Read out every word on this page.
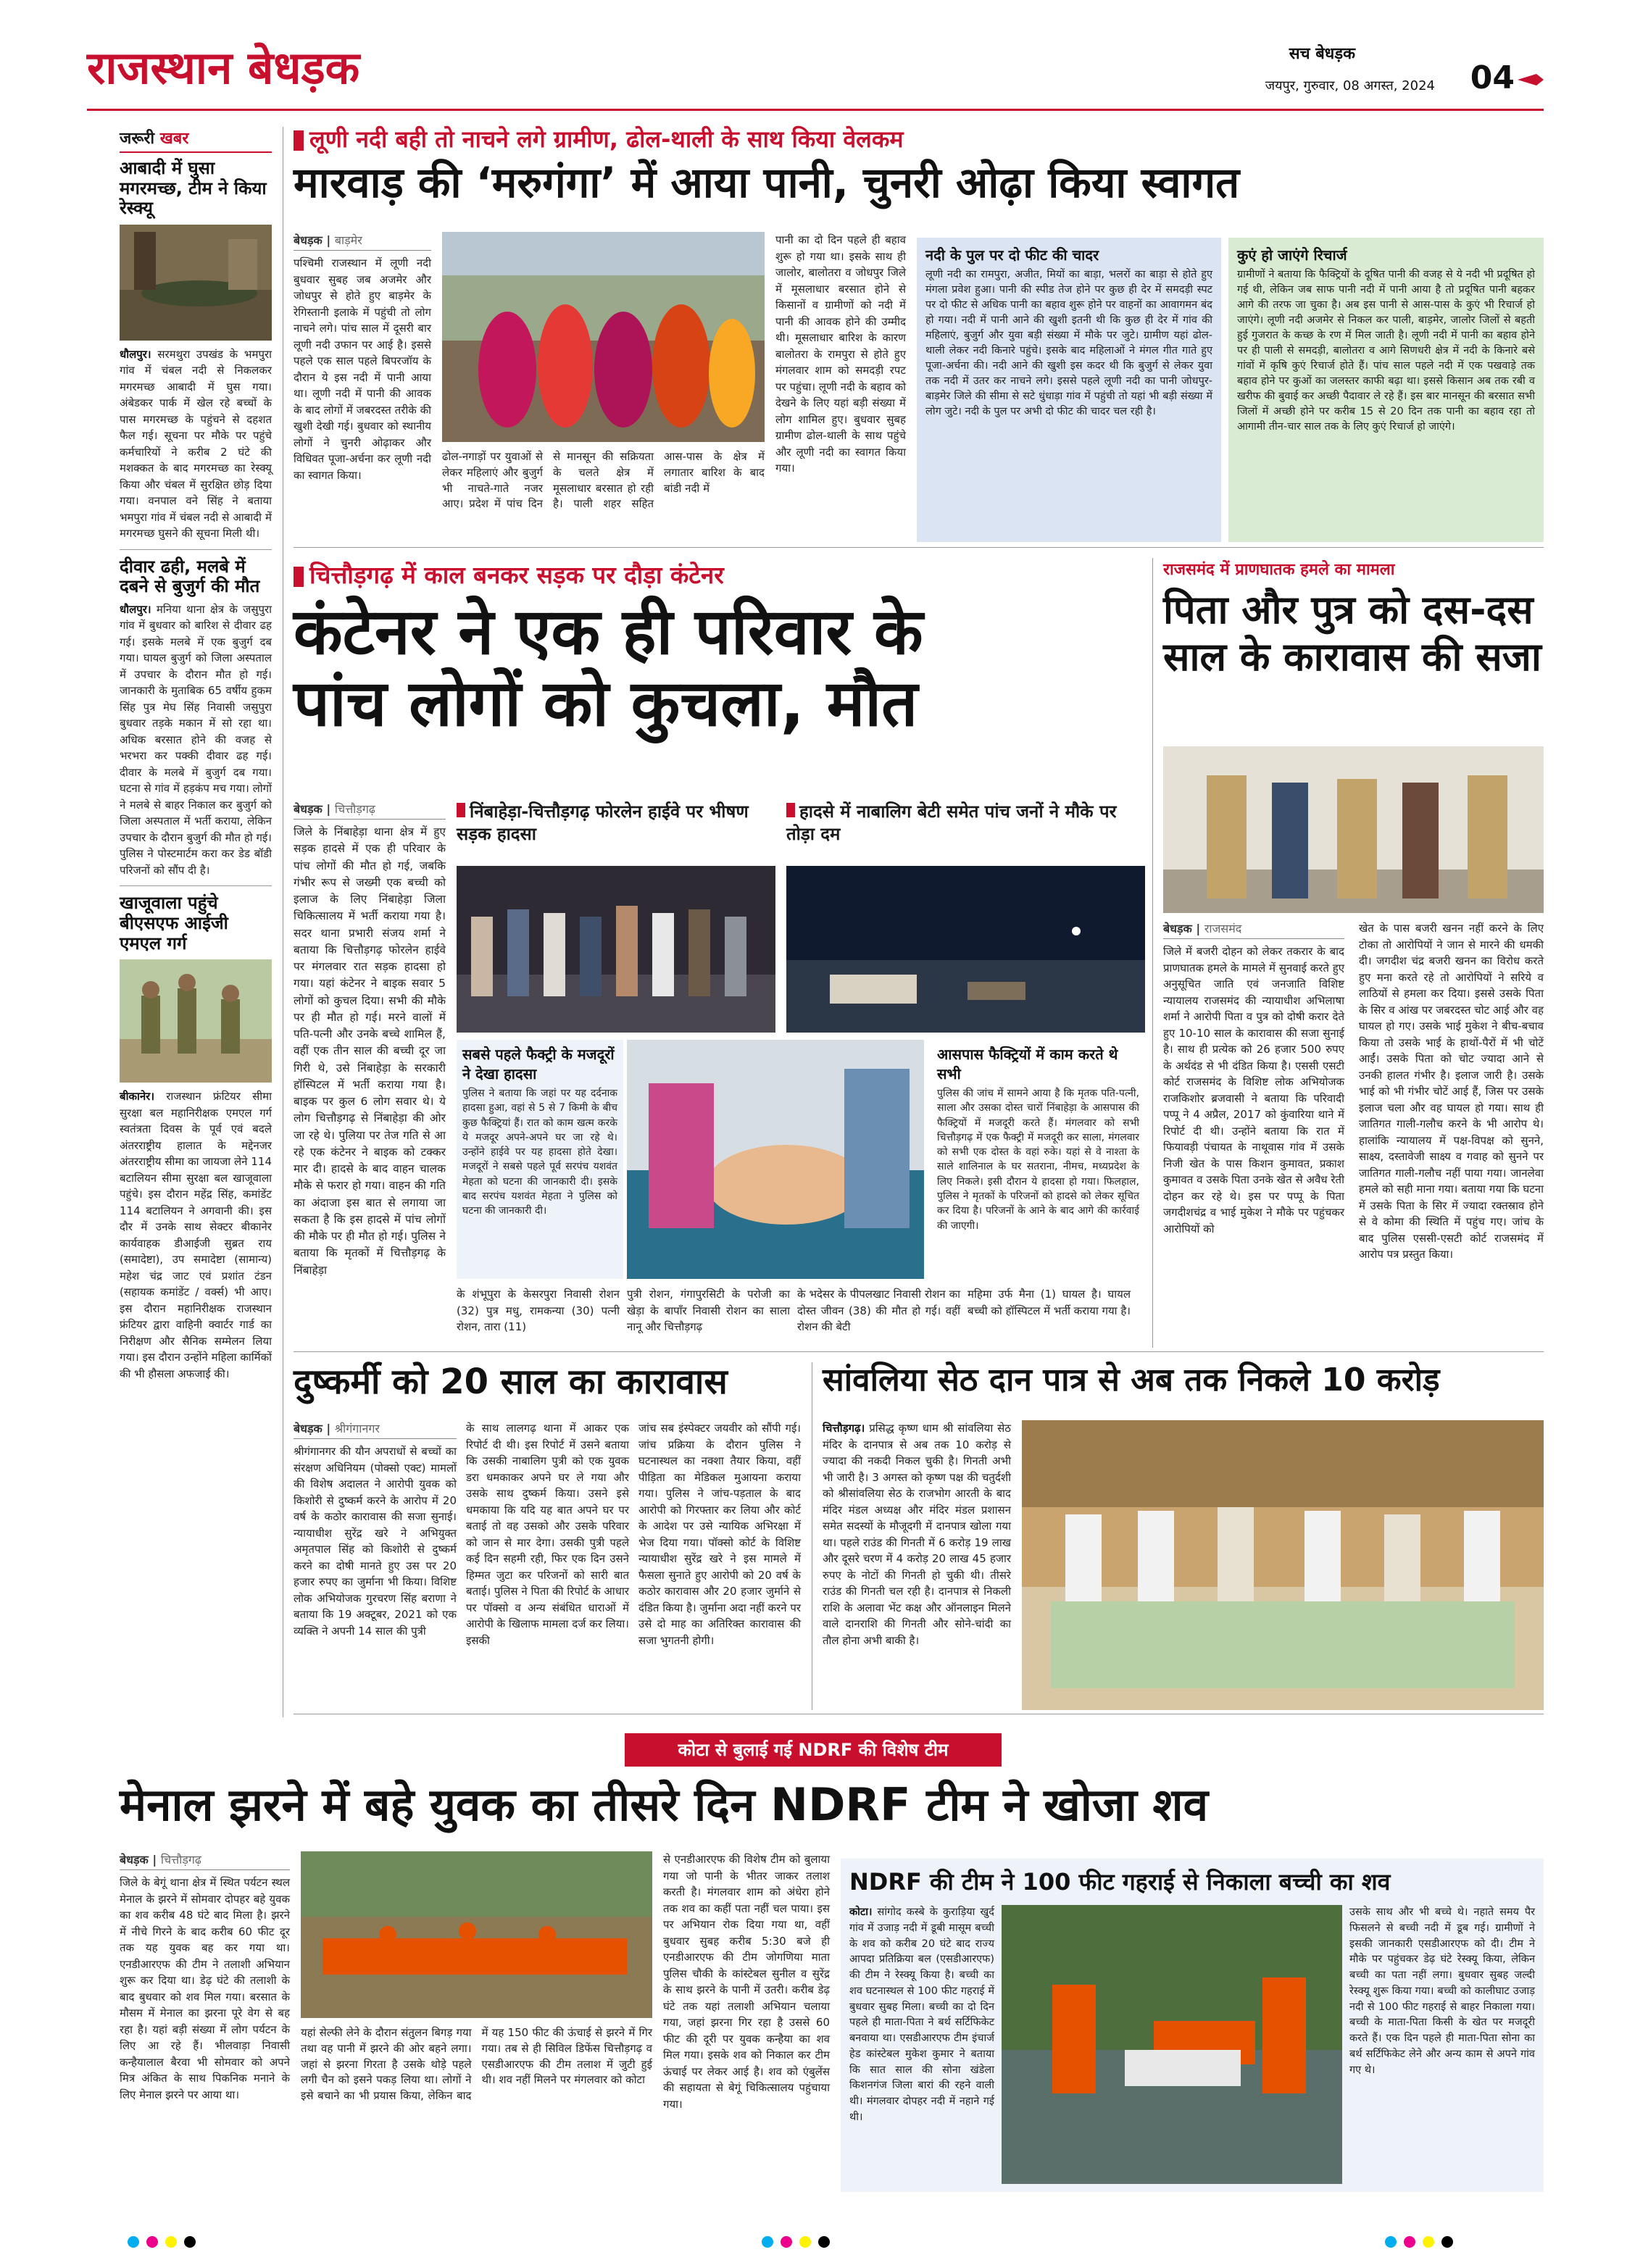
राजस्थान बेधड़क	सच बेधड़क
जयपुर, गुरुवार, 08 अगस्त, 2024 04
जरूरी खबर
आबादी में घुसा मगरमच्छ, टीम ने किया रेस्क्यू
धौलपुर। सरमथुरा उपखंड के भमपुरा गांव में चंबल नदी से निकलकर मगरमच्छ आबादी में घुस गया। अंबेडकर पार्क में खेल रहे बच्चों के पास मगरमच्छ के पहुंचने से दहशत फैल गई। सूचना पर मौके पर पहुंचे कर्मचारियों ने करीब 2 घंटे की मशक्कत के बाद मगरमच्छ का रेस्क्यू किया और चंबल में सुरक्षित छोड़ दिया गया। वनपाल वने सिंह ने बताया भमपुरा गांव में चंबल नदी से आबादी में मगरमच्छ घुसने की सूचना मिली थी।
दीवार ढही, मलबे में दबने से बुजुर्ग की मौत
धौलपुर। मनिया थाना क्षेत्र के जसुपुरा गांव में बुधवार को बारिश से दीवार ढह गई। इसके मलबे में एक बुजुर्ग दब गया। घायल बुजुर्ग को जिला अस्पताल में उपचार के दौरान मौत हो गई। जानकारी के मुताबिक 65 वर्षीय हुकम सिंह पुत्र मेघ सिंह निवासी जसुपुरा बुधवार तड़के मकान में सो रहा था। अधिक बरसात होने की वजह से भरभरा कर पक्की दीवार ढह गई। दीवार के मलबे में बुजुर्ग दब गया। घटना से गांव में हड़कंप मच गया। लोगों ने मलबे से बाहर निकाल कर बुजुर्ग को जिला अस्पताल में भर्ती कराया, लेकिन उपचार के दौरान बुजुर्ग की मौत हो गई। पुलिस ने पोस्टमार्टम करा कर डेड बॉडी परिजनों को सौंप दी है।
खाजूवाला पहुंचे बीएसएफ आईजी एमएल गर्ग
बीकानेर। राजस्थान फ्रंटियर सीमा सुरक्षा बल महानिरीक्षक एमएल गर्ग स्वतंत्रता दिवस के पूर्व एवं बदले अंतरराष्ट्रीय हालात के मद्देनजर अंतरराष्ट्रीय सीमा का जायजा लेने 114 बटालियन सीमा सुरक्षा बल खाजूवाला पहुंचे। इस दौरान महेंद्र सिंह, कमांडेंट 114 बटालियन ने अगवानी की। इस दौर में उनके साथ सेक्टर बीकानेर कार्यवाहक डीआईजी सुब्रत राय (समादेष्टा), उप समादेष्टा (सामान्य) महेश चंद्र जाट एवं प्रशांत टंडन (सहायक कमांडेंट / वर्क्स) भी आए। इस दौरान महानिरीक्षक राजस्थान फ्रंटियर द्वारा वाहिनी क्वार्टर गार्ड का निरीक्षण और सैनिक सम्मेलन लिया गया। इस दौरान उन्होंने महिला कार्मिकों की भी हौसला अफजाई की।
लूणी नदी बही तो नाचने लगे ग्रामीण, ढोल-थाली के साथ किया वेलकम
मारवाड़ की ‘मरुगंगा’ में आया पानी, चुनरी ओढ़ा किया स्वागत
बेधड़क | बाड़मेर
पश्चिमी राजस्थान में लूणी नदी बुधवार सुबह जब अजमेर और जोधपुर से होते हुए बाड़मेर के रेगिस्तानी इलाके में पहुंची तो लोग नाचने लगे। पांच साल में दूसरी बार लूणी नदी उफान पर आई है। इससे पहले एक साल पहले बिपरजॉय के दौरान ये इस नदी में पानी आया था। लूणी नदी में पानी की आवक के बाद लोगों में जबरदस्त तरीके की खुशी देखी गई। बुधवार को स्थानीय लोगों ने चुनरी ओढ़ाकर और विधिवत पूजा-अर्चना कर लूणी नदी का स्वागत किया।
ढोल-नगाड़ों पर युवाओं से लेकर महिलाएं और बुजुर्ग भी नाचते-गाते नजर आए। प्रदेश में पांच दिन से मानसून की सक्रियता के चलते क्षेत्र में मूसलाधार बरसात हो रही है। पाली शहर सहित आस-पास के क्षेत्र में लगातार बारिश के बाद बांडी नदी में
पानी का दो दिन पहले ही बहाव शुरू हो गया था। इसके साथ ही जालोर, बालोतरा व जोधपुर जिले में मूसलाधार बरसात होने से किसानों व ग्रामीणों को नदी में पानी की आवक होने की उम्मीद थी। मूसलाधार बारिश के कारण बालोतरा के रामपुरा से होते हुए मंगलवार शाम को समदड़ी रपट पर पहुंचा। लूणी नदी के बहाव को देखने के लिए यहां बड़ी संख्या में लोग शामिल हुए। बुधवार सुबह ग्रामीण ढोल-थाली के साथ पहुंचे और लूणी नदी का स्वागत किया गया।
नदी के पुल पर दो फीट की चादर
लूणी नदी का रामपुरा, अजीत, मियों का बाड़ा, भलरों का बाड़ा से होते हुए मंगला प्रवेश हुआ। पानी की स्पीड तेज होने पर कुछ ही देर में समदड़ी स्पट पर दो फीट से अधिक पानी का बहाव शुरू होने पर वाहनों का आवागमन बंद हो गया। नदी में पानी आने की खुशी इतनी थी कि कुछ ही देर में गांव की महिलाएं, बुजुर्ग और युवा बड़ी संख्या में मौके पर जुटे। ग्रामीण यहां ढोल-थाली लेकर नदी किनारे पहुंचे। इसके बाद महिलाओं ने मंगल गीत गाते हुए पूजा-अर्चना की। नदी आने की खुशी इस कदर थी कि बुजुर्ग से लेकर युवा तक नदी में उतर कर नाचने लगे। इससे पहले लूणी नदी का पानी जोधपुर-बाड़मेर जिले की सीमा से सटे धुंधाड़ा गांव में पहुंची तो यहां भी बड़ी संख्या में लोग जुटे। नदी के पुल पर अभी दो फीट की चादर चल रही है।
कुएं हो जाएंगे रिचार्ज
ग्रामीणों ने बताया कि फैक्ट्रियों के दूषित पानी की वजह से ये नदी भी प्रदूषित हो गई थी, लेकिन जब साफ पानी नदी में पानी आया है तो प्रदूषित पानी बहकर आगे की तरफ जा चुका है। अब इस पानी से आस-पास के कुएं भी रिचार्ज हो जाएंगे। लूणी नदी अजमेर से निकल कर पाली, बाड़मेर, जालोर जिलों से बहती हुई गुजरात के कच्छ के रण में मिल जाती है। लूणी नदी में पानी का बहाव होने पर ही पाली से समदड़ी, बालोतरा व आगे सिणधरी क्षेत्र में नदी के किनारे बसे गांवों में कृषि कुएं रिचार्ज होते हैं। पांच साल पहले नदी में एक पखवाड़े तक बहाव होने पर कुओं का जलस्तर काफी बढ़ा था। इससे किसान अब तक रबी व खरीफ की बुवाई कर अच्छी पैदावार ले रहे हैं। इस बार मानसून की बरसात सभी जिलों में अच्छी होने पर करीब 15 से 20 दिन तक पानी का बहाव रहा तो आगामी तीन-चार साल तक के लिए कुएं रिचार्ज हो जाएंगे।
चित्तौड़गढ़ में काल बनकर सड़क पर दौड़ा कंटेनर
कंटेनर ने एक ही परिवार के
पांच लोगों को कुचला, मौत
बेधड़क | चित्तौड़गढ़
जिले के निंबाहेड़ा थाना क्षेत्र में हुए सड़क हादसे में एक ही परिवार के पांच लोगों की मौत हो गई, जबकि गंभीर रूप से जख्मी एक बच्ची को इलाज के लिए निंबाहेड़ा जिला चिकित्सालय में भर्ती कराया गया है। सदर थाना प्रभारी संजय शर्मा ने बताया कि चित्तौड़गढ़ फोरलेन हाईवे पर मंगलवार रात सड़क हादसा हो गया। यहां कंटेनर ने बाइक सवार 5 लोगों को कुचल दिया। सभी की मौके पर ही मौत हो गई। मरने वालों में पति-पत्नी और उनके बच्चे शामिल हैं, वहीं एक तीन साल की बच्ची दूर जा गिरी थे, उसे निंबाहेड़ा के सरकारी हॉस्पिटल में भर्ती कराया गया है। बाइक पर कुल 6 लोग सवार थे। ये लोग चित्तौड़गढ़ से निंबाहेड़ा की ओर जा रहे थे। पुलिया पर तेज गति से आ रहे एक कंटेनर ने बाइक को टक्कर मार दी। हादसे के बाद वाहन चालक मौके से फरार हो गया। वाहन की गति का अंदाजा इस बात से लगाया जा सकता है कि इस हादसे में पांच लोगों की मौके पर ही मौत हो गई। पुलिस ने बताया कि मृतकों में चित्तौड़गढ़ के निंबाहेड़ा
निंबाहेड़ा-चित्तौड़गढ़ फोरलेन हाईवे पर भीषण सड़क हादसा
हादसे में नाबालिग बेटी समेत पांच जनों ने मौके पर तोड़ा दम
सबसे पहले फैक्ट्री के मजदूरों ने देखा हादसा
पुलिस ने बताया कि जहां पर यह दर्दनाक हादसा हुआ, वहां से 5 से 7 किमी के बीच कुछ फैक्ट्रियां हैं। रात को काम खत्म करके ये मजदूर अपने-अपने घर जा रहे थे। उन्होंने हाईवे पर यह हादसा होते देखा। मजदूरों ने सबसे पहले पूर्व सरपंच यशवंत मेहता को घटना की जानकारी दी। इसके बाद सरपंच यशवंत मेहता ने पुलिस को घटना की जानकारी दी।
आसपास फैक्ट्रियों में काम करते थे सभी
पुलिस की जांच में सामने आया है कि मृतक पति-पत्नी, साला और उसका दोस्त चारों निंबाहेड़ा के आसपास की फैक्ट्रियों में मजदूरी करते हैं। मंगलवार को सभी चित्तौड़गढ़ में एक फैक्ट्री में मजदूरी कर साला, मंगलवार को सभी एक दोस्त के वहां रुके। यहां से वे नाश्ता के साले शालिनाल के घर सतराना, नीमच, मध्यप्रदेश के लिए निकले। इसी दौरान ये हादसा हो गया। फिलहाल, पुलिस ने मृतकों के परिजनों को हादसे को लेकर सूचित कर दिया है। परिजनों के आने के बाद आगे की कार्रवाई की जाएगी।
के शंभूपुरा के केसरपुरा निवासी रोशन (32) पुत्र मधु, रामकन्या (30) पत्नी रोशन, तारा (11)
पुत्री रोशन, गंगापुरसिटी के परोजी का खेड़ा के बापाँर निवासी रोशन का साला नानू और चित्तौड़गढ़
के भदेसर के पीपलखाट निवासी रोशन का दोस्त जीवन (38) की मौत हो गई। वहीं रोशन की बेटी
महिमा उर्फ मैना (1) घायल है। घायल बच्ची को हॉस्पिटल में भर्ती कराया गया है।
राजसमंद में प्राणघातक हमले का मामला
पिता और पुत्र को दस-दस साल के कारावास की सजा
बेधड़क | राजसमंद
जिले में बजरी दोहन को लेकर तकरार के बाद प्राणघातक हमले के मामले में सुनवाई करते हुए अनुसूचित जाति एवं जनजाति विशिष्ट न्यायालय राजसमंद की न्यायाधीश अभिलाषा शर्मा ने आरोपी पिता व पुत्र को दोषी करार देते हुए 10-10 साल के कारावास की सजा सुनाई है। साथ ही प्रत्येक को 26 हजार 500 रुपए के अर्थदंड से भी दंडित किया है। एससी एसटी कोर्ट राजसमंद के विशिष्ट लोक अभियोजक राजकिशोर ब्रजवासी ने बताया कि परिवादी पप्पू ने 4 अप्रैल, 2017 को कुंवारिया थाने में रिपोर्ट दी थी। उन्होंने बताया कि रात में फियावड़ी पंचायत के नाथूवास गांव में उसके निजी खेत के पास किशन कुमावत, प्रकाश कुमावत व उसके पिता उनके खेत से अवैध रेती दोहन कर रहे थे। इस पर पप्पू के पिता जगदीशचंद्र व भाई मुकेश ने मौके पर पहुंचकर आरोपियों को
खेत के पास बजरी खनन नहीं करने के लिए टोका तो आरोपियों ने जान से मारने की धमकी दी। जगदीश चंद्र बजरी खनन का विरोध करते हुए मना करते रहे तो आरोपियों ने सरिये व लाठियों से हमला कर दिया। इससे उसके पिता के सिर व आंख पर जबरदस्त चोट आई और वह घायल हो गए। उसके भाई मुकेश ने बीच-बचाव किया तो उसके भाई के हाथों-पैरों में भी चोटें आईं। उसके पिता को चोट ज्यादा आने से उनकी हालत गंभीर है। इलाज जारी है। उसके भाई को भी गंभीर चोटें आई हैं, जिस पर उसके इलाज चला और वह घायल हो गया। साथ ही जातिगत गाली-गलौच करने के भी आरोप थे। हालांकि न्यायालय में पक्ष-विपक्ष को सुनने, साक्ष्य, दस्तावेजी साक्ष्य व गवाह को सुनने पर जातिगत गाली-गलौच नहीं पाया गया। जानलेवा हमले को सही माना गया। बताया गया कि घटना में उसके पिता के सिर में ज्यादा रक्तस्राव होने से वे कोमा की स्थिति में पहुंच गए। जांच के बाद पुलिस एससी-एसटी कोर्ट राजसमंद में आरोप पत्र प्रस्तुत किया।
दुष्कर्मी को 20 साल का कारावास
बेधड़क | श्रीगंगानगर
श्रीगंगानगर की यौन अपराधों से बच्चों का संरक्षण अधिनियम (पोक्सो एक्ट) मामलों की विशेष अदालत ने आरोपी युवक को किशोरी से दुष्कर्म करने के आरोप में 20 वर्ष के कठोर कारावास की सजा सुनाई। न्यायाधीश सुरेंद्र खरे ने अभियुक्त अमृतपाल सिंह को किशोरी से दुष्कर्म करने का दोषी मानते हुए उस पर 20 हजार रुपए का जुर्माना भी किया। विशिष्ट लोक अभियोजक गुरचरण सिंह बराणा ने बताया कि 19 अक्टूबर, 2021 को एक व्यक्ति ने अपनी 14 साल की पुत्री
के साथ लालगढ़ थाना में आकर एक रिपोर्ट दी थी। इस रिपोर्ट में उसने बताया कि उसकी नाबालिग पुत्री को एक युवक डरा धमकाकर अपने घर ले गया और उसके साथ दुष्कर्म किया। उसने इसे धमकाया कि यदि यह बात अपने घर पर बताई तो वह उसको और उसके परिवार को जान से मार देगा। उसकी पुत्री पहले कई दिन सहमी रही, फिर एक दिन उसने हिम्मत जुटा कर परिजनों को सारी बात बताई। पुलिस ने पिता की रिपोर्ट के आधार पर पॉक्सो व अन्य संबंधित धाराओं में आरोपी के खिलाफ मामला दर्ज कर लिया। इसकी
जांच सब इंस्पेक्टर जयवीर को सौंपी गई। जांच प्रक्रिया के दौरान पुलिस ने घटनास्थल का नक्शा तैयार किया, वहीं पीड़िता का मेडिकल मुआयना कराया गया। पुलिस ने जांच-पड़ताल के बाद आरोपी को गिरफ्तार कर लिया और कोर्ट के आदेश पर उसे न्यायिक अभिरक्षा में भेज दिया गया। पॉक्सो कोर्ट के विशिष्ट न्यायाधीश सुरेंद्र खरे ने इस मामले में फैसला सुनाते हुए आरोपी को 20 वर्ष के कठोर कारावास और 20 हजार जुर्माने से दंडित किया है। जुर्माना अदा नहीं करने पर उसे दो माह का अतिरिक्त कारावास की सजा भुगतनी होगी।
सांवलिया सेठ दान पात्र से अब तक निकले 10 करोड़
चित्तौड़गढ़। प्रसिद्ध कृष्ण धाम श्री सांवलिया सेठ मंदिर के दानपात्र से अब तक 10 करोड़ से ज्यादा की नकदी निकल चुकी है। गिनती अभी भी जारी है। 3 अगस्त को कृष्ण पक्ष की चतुर्दशी को श्रीसांवलिया सेठ के राजभोग आरती के बाद मंदिर मंडल अध्यक्ष और मंदिर मंडल प्रशासन समेत सदस्यों के मौजूदगी में दानपात्र खोला गया था। पहले राउंड की गिनती में 6 करोड़ 19 लाख और दूसरे चरण में 4 करोड़ 20 लाख 45 हजार रुपए के नोटों की गिनती हो चुकी थी। तीसरे राउंड की गिनती चल रही है। दानपात्र से निकली राशि के अलावा भेंट कक्ष और ऑनलाइन मिलने वाले दानराशि की गिनती और सोने-चांदी का तौल होना अभी बाकी है।
कोटा से बुलाई गई NDRF की विशेष टीम
मेनाल झरने में बहे युवक का तीसरे दिन NDRF टीम ने खोजा शव
बेधड़क | चित्तौड़गढ़
जिले के बेगूं थाना क्षेत्र में स्थित पर्यटन स्थल मेनाल के झरने में सोमवार दोपहर बहे युवक का शव करीब 48 घंटे बाद मिला है। झरने में नीचे गिरने के बाद करीब 60 फीट दूर तक यह युवक बह कर गया था। एनडीआरएफ की टीम ने तलाशी अभियान शुरू कर दिया था। डेढ़ घंटे की तलाशी के बाद बुधवार को शव मिल गया। बरसात के मौसम में मेनाल का झरना पूरे वेग से बह रहा है। यहां बड़ी संख्या में लोग पर्यटन के लिए आ रहे हैं। भीलवाड़ा निवासी कन्हैयालाल बैरवा भी सोमवार को अपने मित्र अंकित के साथ पिकनिक मनाने के लिए मेनाल झरने पर आया था।
यहां सेल्फी लेने के दौरान संतुलन बिगड़ गया तथा वह पानी में झरने की ओर बहने लगा। जहां से झरना गिरता है उसके थोड़े पहले लगी चैन को इसने पकड़ लिया था। लोगों ने इसे बचाने का भी प्रयास किया, लेकिन बाद में यह 150 फीट की ऊंचाई से झरने में गिर गया। तब से ही सिविल डिफेंस चित्तौड़गढ़ व एसडीआरएफ की टीम तलाश में जुटी हुई थी। शव नहीं मिलने पर मंगलवार को कोटा
से एनडीआरएफ की विशेष टीम को बुलाया गया जो पानी के भीतर जाकर तलाश करती है। मंगलवार शाम को अंधेरा होने तक शव का कहीं पता नहीं चल पाया। इस पर अभियान रोक दिया गया था, वहीं बुधवार सुबह करीब 5:30 बजे ही एनडीआरएफ की टीम जोगणिया माता पुलिस चौकी के कांस्टेबल सुनील व सुरेंद्र के साथ झरने के पानी में उतरी। करीब डेढ़ घंटे तक यहां तलाशी अभियान चलाया गया, जहां झरना गिर रहा है उससे 60 फीट की दूरी पर युवक कन्हैया का शव मिल गया। इसके शव को निकाल कर टीम ऊंचाई पर लेकर आई है। शव को एंबुलेंस की सहायता से बेगूं चिकित्सालय पहुंचाया गया।
NDRF की टीम ने 100 फीट गहराई से निकाला बच्ची का शव
कोटा। सांगोद कस्बे के कुराड़िया खुर्द गांव में उजाड़ नदी में डूबी मासूम बच्ची के शव को करीब 20 घंटे बाद राज्य आपदा प्रतिक्रिया बल (एसडीआरएफ) की टीम ने रेस्क्यू किया है। बच्ची का शव घटनास्थल से 100 फीट गहराई में बुधवार सुबह मिला। बच्ची का दो दिन पहले ही माता-पिता ने बर्थ सर्टिफिकेट बनवाया था। एसडीआरएफ टीम इंचार्ज हेड कांस्टेबल मुकेश कुमार ने बताया कि सात साल की सोना खंडेला किशनगंज जिला बारां की रहने वाली थी। मंगलवार दोपहर नदी में नहाने गई थी।
उसके साथ और भी बच्चे थे। नहाते समय पैर फिसलने से बच्ची नदी में डूब गई। ग्रामीणों ने इसकी जानकारी एसडीआरएफ को दी। टीम ने मौके पर पहुंचकर डेढ़ घंटे रेस्क्यू किया, लेकिन बच्ची का पता नहीं लगा। बुधवार सुबह जल्दी रेस्क्यू शुरू किया गया। बच्ची को कालीघाट उजाड़ नदी से 100 फीट गहराई से बाहर निकाला गया। बच्ची के माता-पिता किसी के खेत पर मजदूरी करते हैं। एक दिन पहले ही माता-पिता सोना का बर्थ सर्टिफिकेट लेने और अन्य काम से अपने गांव गए थे।
